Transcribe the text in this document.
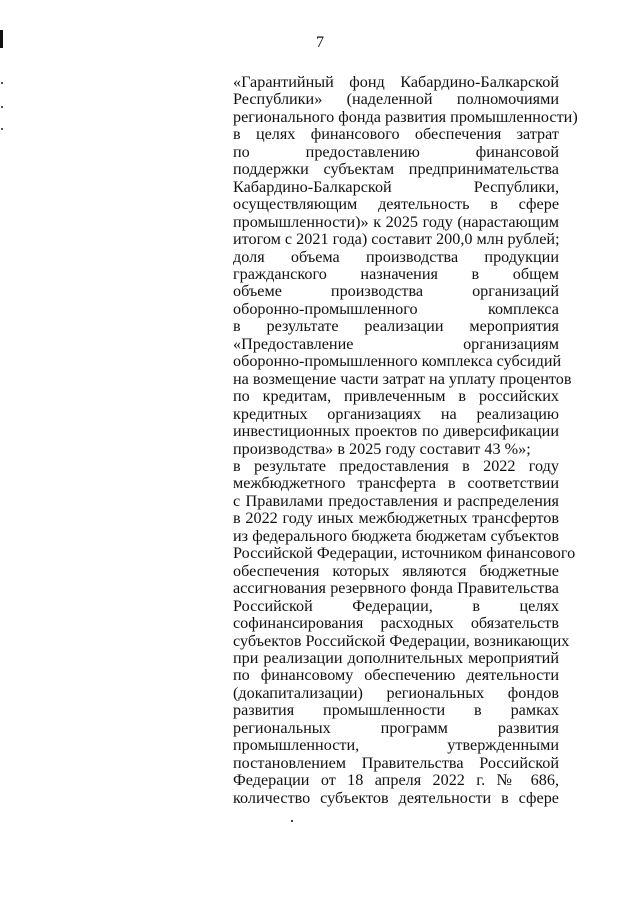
7
«Гарантийный фонд Кабардино-Балкарской
Республики» (наделенной полномочиями
регионального фонда развития промышленности)
в целях финансового обеспечения затрат
по предоставлению финансовой
поддержки субъектам предпринимательства
Кабардино-Балкарской Республики,
осуществляющим деятельность в сфере
промышленности)» к 2025 году (нарастающим
итогом с 2021 года) составит 200,0 млн рублей;
доля объема производства продукции
гражданского назначения в общем
объеме производства организаций
оборонно-промышленного комплекса
в результате реализации мероприятия
«Предоставление организациям
оборонно-промышленного комплекса субсидий
на возмещение части затрат на уплату процентов
по кредитам, привлеченным в российских
кредитных организациях на реализацию
инвестиционных проектов по диверсификации
производства» в 2025 году составит 43 %»;
в результате предоставления в 2022 году
межбюджетного трансферта в соответствии
с Правилами предоставления и распределения
в 2022 году иных межбюджетных трансфертов
из федерального бюджета бюджетам субъектов
Российской Федерации, источником финансового
обеспечения которых являются бюджетные
ассигнования резервного фонда Правительства
Российской Федерации, в целях
софинансирования расходных обязательств
субъектов Российской Федерации, возникающих
при реализации дополнительных мероприятий
по финансовому обеспечению деятельности
(докапитализации) региональных фондов
развития промышленности в рамках
региональных программ развития
промышленности, утвержденными
постановлением Правительства Российской
Федерации от 18 апреля 2022 г. № 686,
количество субъектов деятельности в сфере
